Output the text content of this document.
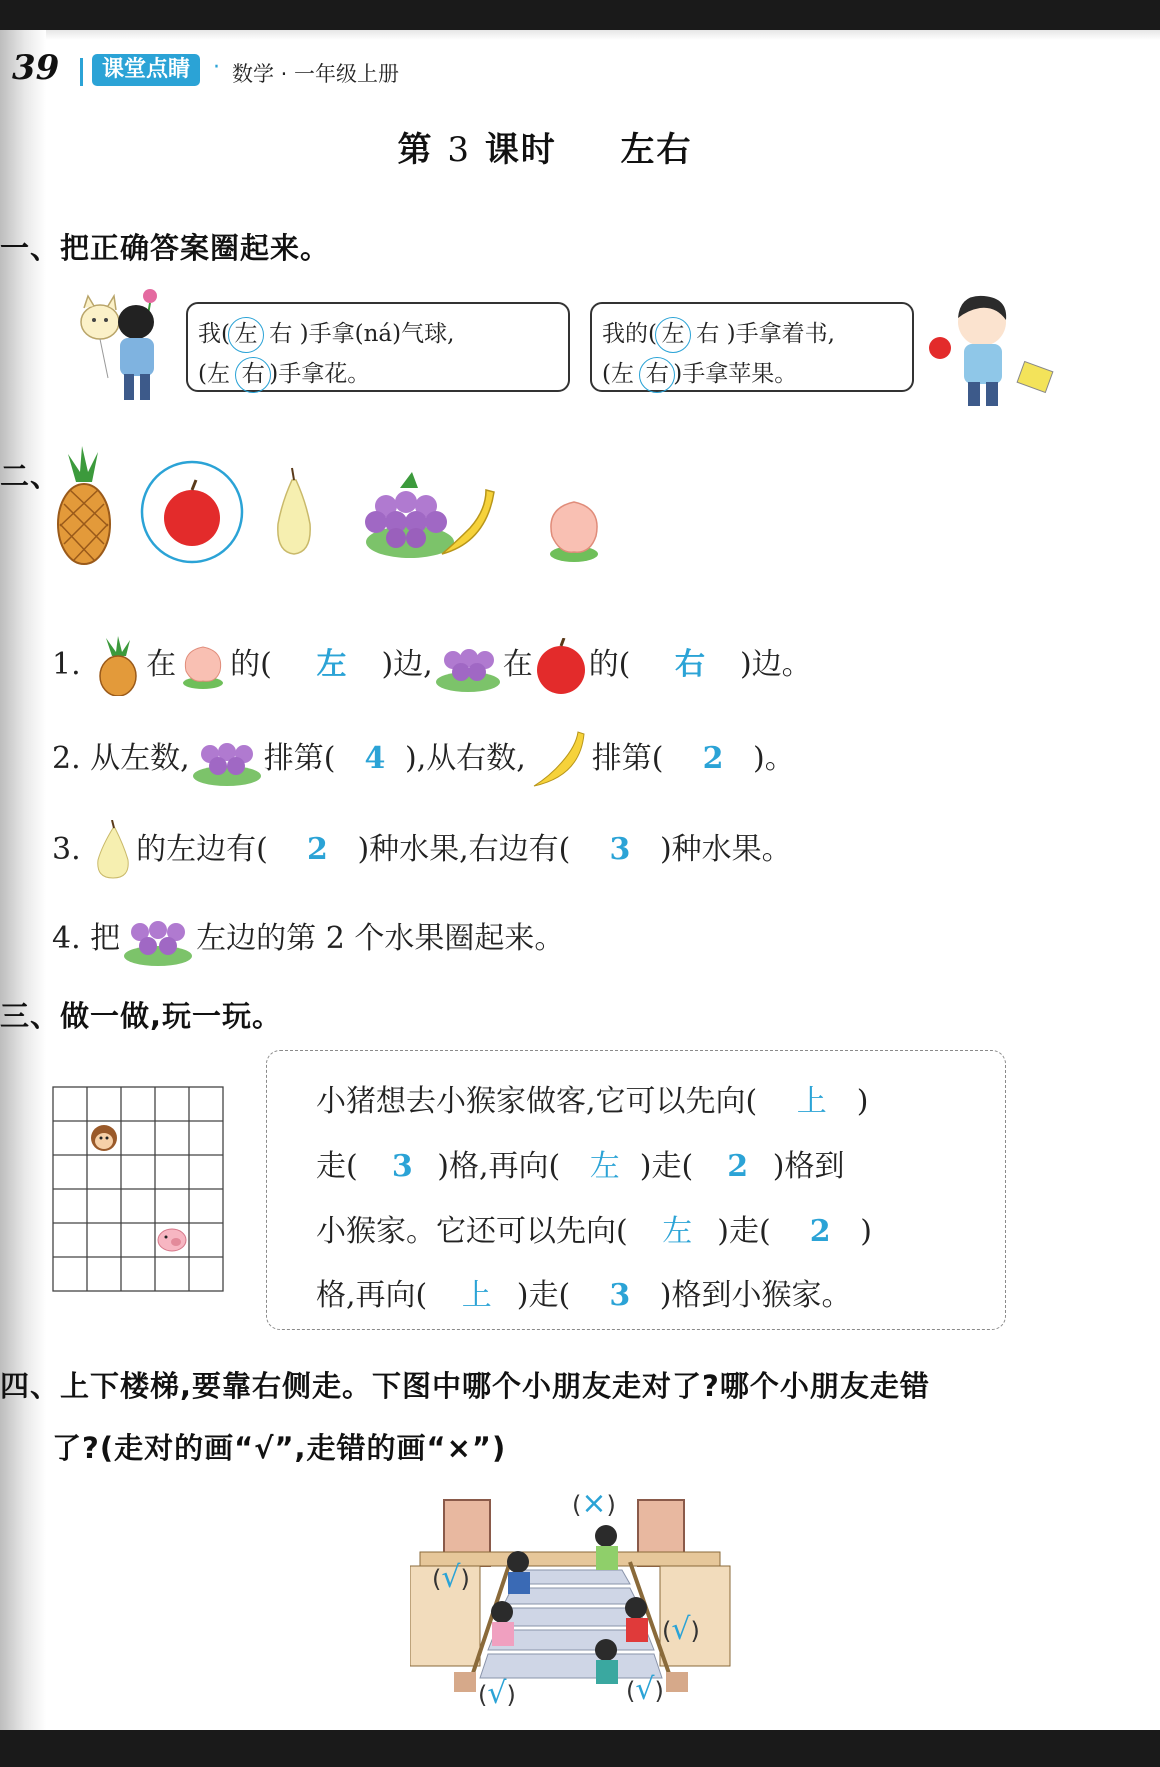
39	课堂点睛	· 数学 · 一年级上册
第 3 课时 左右
一、把正确答案圈起来。
我( 左 右 )手拿(ná)气球,
(左 右 )手拿花。
我的( 左 右 )手拿着书,
(左 右 )手拿苹果。
二、
1. 在 的( 左 )边, 在 的( 右 )边。
2. 从左数, 排第( 4 ),从右数, 排第( 2 )。
3. 的左边有( 2 )种水果,右边有( 3 )种水果。
4. 把	左边的第 2 个水果圈起来。
三、做一做,玩一玩。
小猪想去小猴家做客,它可以先向( 上 )
走( 3 )格,再向( 左 )走( 2 )格到
小猴家。它还可以先向( 左 )走( 2 )
格,再向( 上 )走( 3 )格到小猴家。
四、上下楼梯,要靠右侧走。下图中哪个小朋友走对了?哪个小朋友走错
了?(走对的画“√”,走错的画“×”)
(×)
(√)
(√)
(√)	(√)
